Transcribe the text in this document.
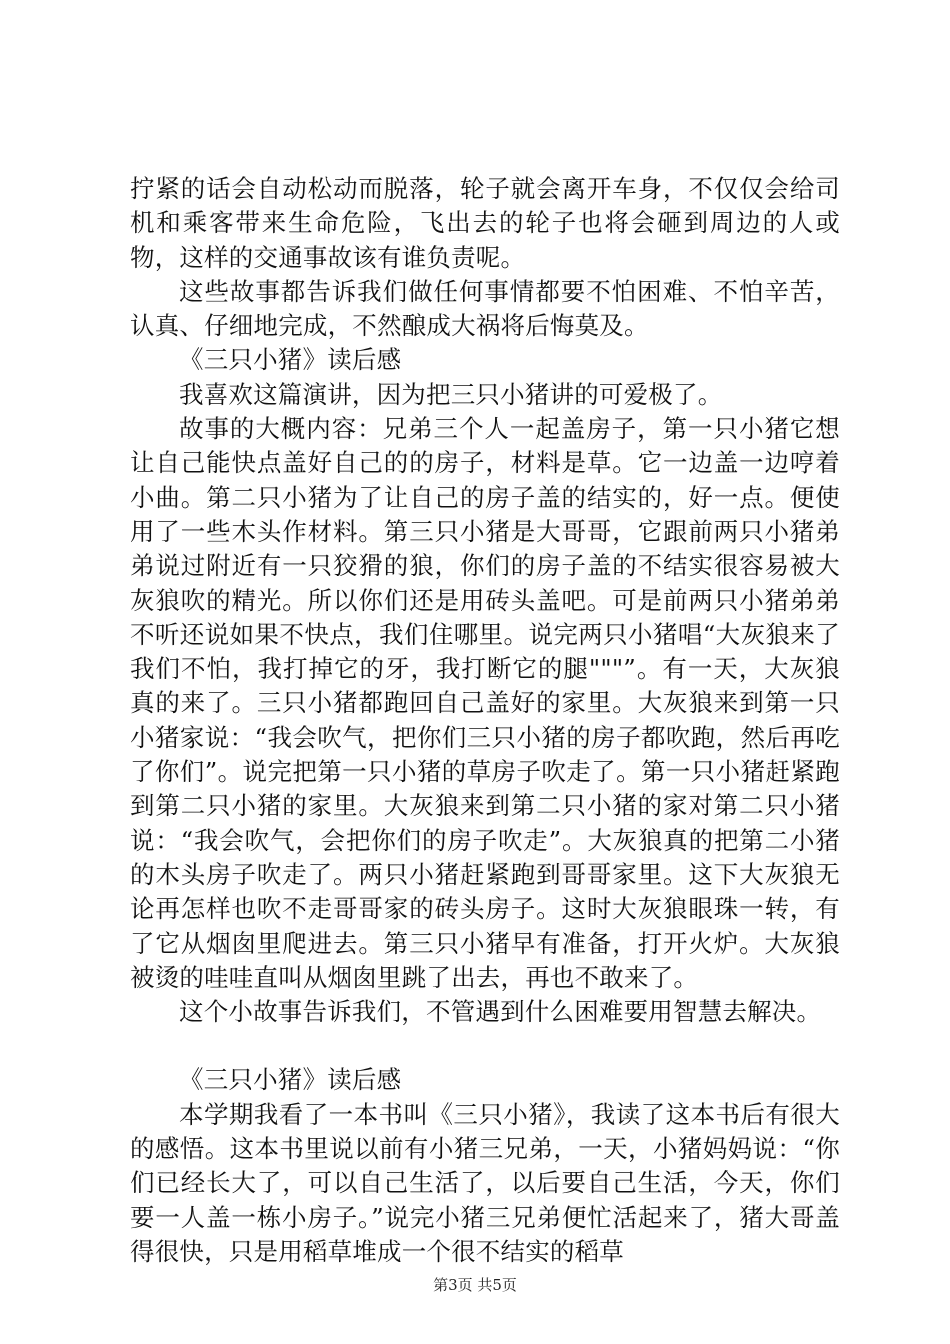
拧紧的话会自动松动而脱落，轮子就会离开车身，不仅仅会给司机和乘客带来生命危险，飞出去的轮子也将会砸到周边的人或物，这样的交通事故该有谁负责呢。

这些故事都告诉我们做任何事情都要不怕困难、不怕辛苦，认真、仔细地完成，不然酿成大祸将后悔莫及。

《三只小猪》读后感

我喜欢这篇演讲，因为把三只小猪讲的可爱极了。

故事的大概内容：兄弟三个人一起盖房子，第一只小猪它想让自己能快点盖好自己的的房子，材料是草。它一边盖一边哼着小曲。第二只小猪为了让自己的房子盖的结实的，好一点。便使用了一些木头作材料。第三只小猪是大哥哥，它跟前两只小猪弟弟说过附近有一只狡猾的狼，你们的房子盖的不结实很容易被大灰狼吹的精光。所以你们还是用砖头盖吧。可是前两只小猪弟弟不听还说如果不快点，我们住哪里。说完两只小猪唱“大灰狼来了我们不怕，我打掉它的牙，我打断它的腿"""”。有一天，大灰狼真的来了。三只小猪都跑回自己盖好的家里。大灰狼来到第一只小猪家说：“我会吹气，把你们三只小猪的房子都吹跑，然后再吃了你们”。说完把第一只小猪的草房子吹走了。第一只小猪赶紧跑到第二只小猪的家里。大灰狼来到第二只小猪的家对第二只小猪说：“我会吹气，会把你们的房子吹走”。大灰狼真的把第二小猪的木头房子吹走了。两只小猪赶紧跑到哥哥家里。这下大灰狼无论再怎样也吹不走哥哥家的砖头房子。这时大灰狼眼珠一转，有了它从烟囱里爬进去。第三只小猪早有准备，打开火炉。大灰狼被烫的哇哇直叫从烟囱里跳了出去，再也不敢来了。

这个小故事告诉我们，不管遇到什么困难要用智慧去解决。

《三只小猪》读后感

本学期我看了一本书叫《三只小猪》，我读了这本书后有很大的感悟。这本书里说以前有小猪三兄弟，一天，小猪妈妈说：“你们已经长大了，可以自己生活了，以后要自己生活，今天，你们要一人盖一栋小房子。”说完小猪三兄弟便忙活起来了，猪大哥盖得很快，只是用稻草堆成一个很不结实的稻草

第3页 共5页
